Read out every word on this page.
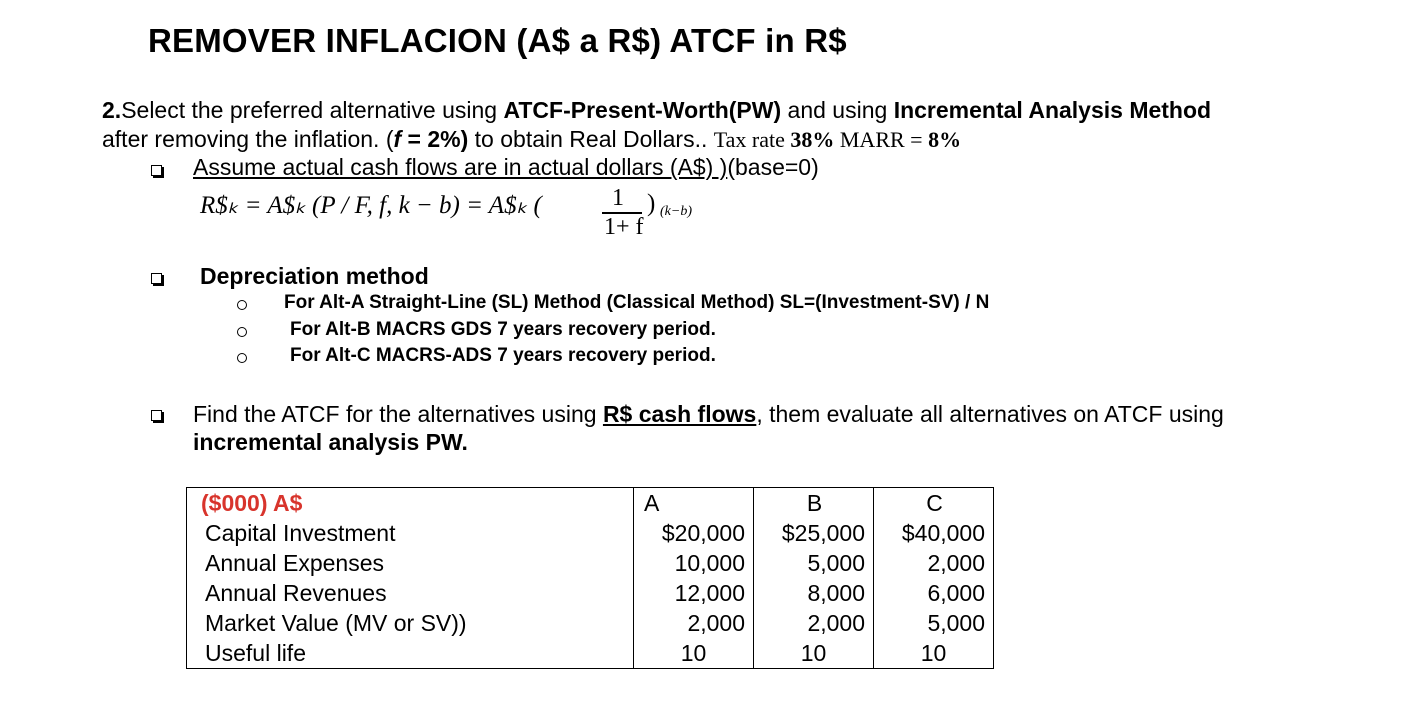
REMOVER INFLACION (A$ a R$) ATCF in R$
2.Select the preferred alternative using ATCF-Present-Worth(PW) and using Incremental Analysis Method
after removing the inflation. (f = 2%) to obtain Real Dollars.. Tax rate 38% MARR = 8%
Assume actual cash flows are in actual dollars (A$) )(base=0)
R$ₖ = A$ₖ (P / F, f, k − b) = A$ₖ (	1
1+ f
) (k−b)
Depreciation method
For Alt-A Straight-Line (SL) Method (Classical Method) SL=(Investment-SV) / N
For Alt-B MACRS GDS 7 years recovery period.
For Alt-C MACRS-ADS 7 years recovery period.
Find the ATCF for the alternatives using R$ cash flows, them evaluate all alternatives on ATCF using
incremental analysis PW.
($000) A$	A	B	C
Capital Investment	$20,000	$25,000	$40,000
Annual Expenses	10,000	5,000	2,000
Annual Revenues	12,000	8,000	6,000
Market Value (MV or SV))	2,000	2,000	5,000
Useful life	10	10	10
